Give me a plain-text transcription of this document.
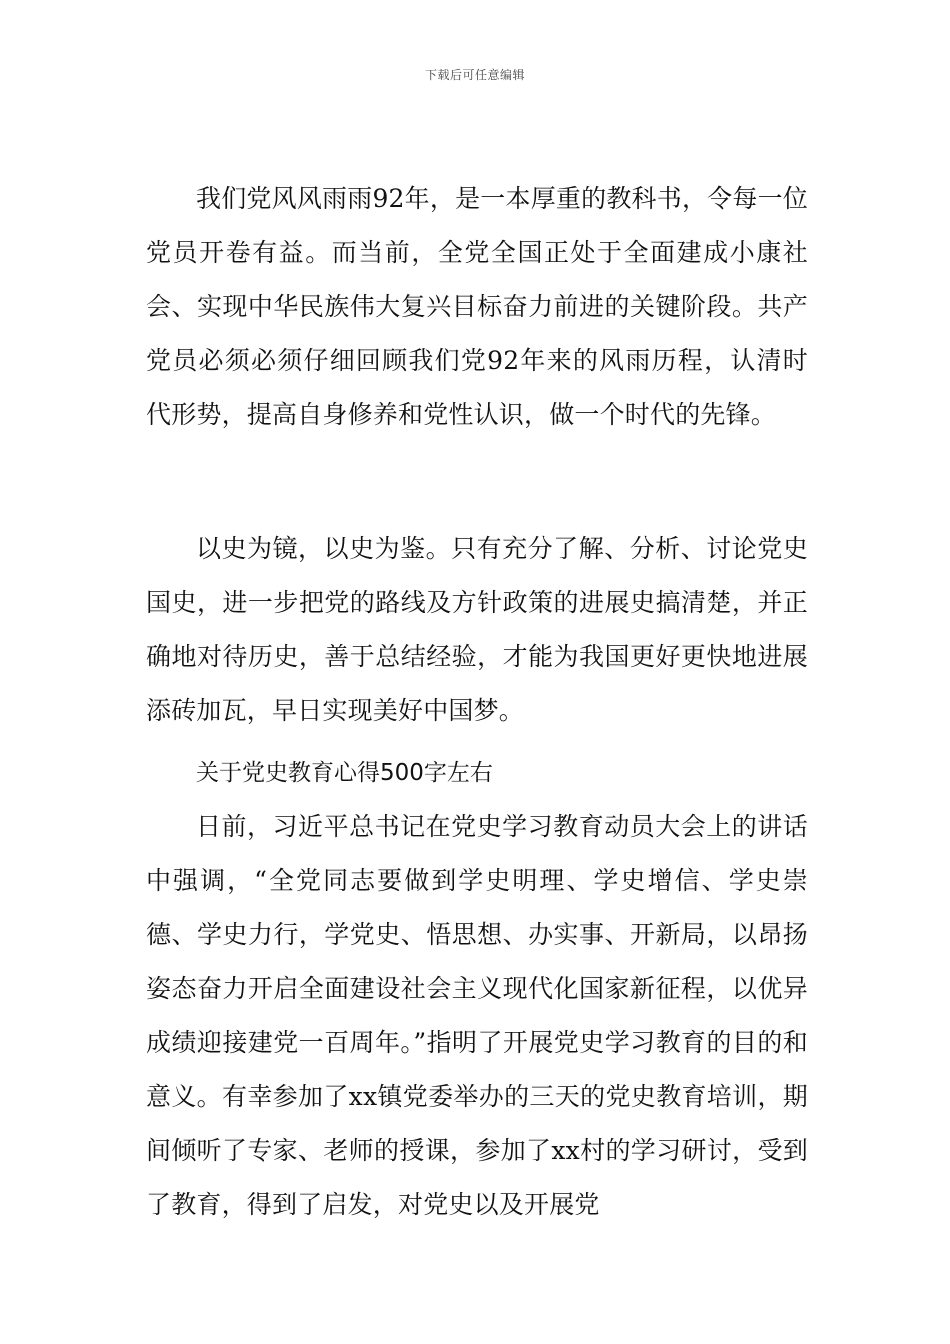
下载后可任意编辑

我们党风风雨雨92年，是一本厚重的教科书，令每一位党员开卷有益。而当前，全党全国正处于全面建成小康社会、实现中华民族伟大复兴目标奋力前进的关键阶段。共产党员必须必须仔细回顾我们党92年来的风雨历程，认清时代形势，提高自身修养和党性认识，做一个时代的先锋。

以史为镜，以史为鉴。只有充分了解、分析、讨论党史国史，进一步把党的路线及方针政策的进展史搞清楚，并正确地对待历史，善于总结经验，才能为我国更好更快地进展添砖加瓦，早日实现美好中国梦。

关于党史教育心得500字左右

日前，习近平总书记在党史学习教育动员大会上的讲话中强调，“全党同志要做到学史明理、学史增信、学史崇德、学史力行，学党史、悟思想、办实事、开新局，以昂扬姿态奋力开启全面建设社会主义现代化国家新征程，以优异成绩迎接建党一百周年。”指明了开展党史学习教育的目的和意义。有幸参加了xx镇党委举办的三天的党史教育培训，期间倾听了专家、老师的授课，参加了xx村的学习研讨，受到了教育，得到了启发，对党史以及开展党
